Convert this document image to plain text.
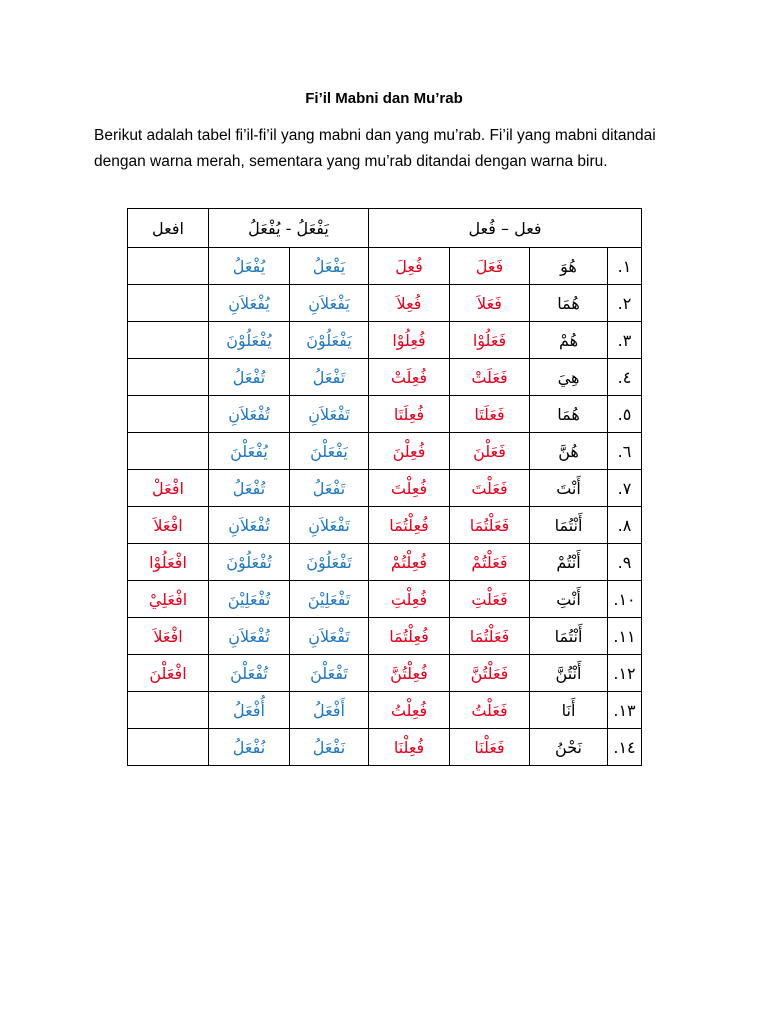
Fi’il Mabni dan Mu’rab
Berikut adalah tabel fi’il-fi’il yang mabni dan yang mu’rab. Fi’il yang mabni ditandai dengan warna merah, sementara yang mu’rab ditandai dengan warna biru.
افعل	يَفْعَلُ - يُفْعَلُ		فعل – فُعل			
	يُفْعَلُ	يَفْعَلُ	فُعِلَ	فَعَلَ	هُوَ	.١
	يُفْعَلاَنِ	يَفْعَلاَنِ	فُعِلاَ	فَعَلاَ	هُمَا	.٢
	يُفْعَلُوْنَ	يَفْعَلُوْنَ	فُعِلُوْا	فَعَلُوْا	هُمْ	.٣
	تُفْعَلُ	تَفْعَلُ	فُعِلَتْ	فَعَلَتْ	هِيَ	.٤
	تُفْعَلاَنِ	تَفْعَلاَنِ	فُعِلَتَا	فَعَلَتَا	هُمَا	.٥
	يُفْعَلْنَ	يَفْعَلْنَ	فُعِلْنَ	فَعَلْنَ	هُنَّ	.٦
افْعَلْ	تُفْعَلُ	تَفْعَلُ	فُعِلْتَ	فَعَلْتَ	أَنْتَ	.٧
افْعَلاَ	تُفْعَلاَنِ	تَفْعَلاَنِ	فُعِلْتُمَا	فَعَلْتُمَا	أَنْتُمَا	.٨
افْعَلُوْا	تُفْعَلُوْنَ	تَفْعَلُوْنَ	فُعِلْتُمْ	فَعَلْتُمْ	أَنْتُمْ	.٩
افْعَلِيْ	تُفْعَلِيْنَ	تَفْعَلِيْنَ	فُعِلْتِ	فَعَلْتِ	أَنْتِ	.١٠
افْعَلاَ	تُفْعَلاَنِ	تَفْعَلاَنِ	فُعِلْتُمَا	فَعَلْتُمَا	أَنْتُمَا	.١١
افْعَلْنَ	تُفْعَلْنَ	تَفْعَلْنَ	فُعِلْتُنَّ	فَعَلْتُنَّ	أَنْتُنَّ	.١٢
	أُفْعَلُ	أَفْعَلُ	فُعِلْتُ	فَعَلْتُ	أَنَا	.١٣
	نُفْعَلُ	نَفْعَلُ	فُعِلْنَا	فَعَلْنَا	نَحْنُ	.١٤
